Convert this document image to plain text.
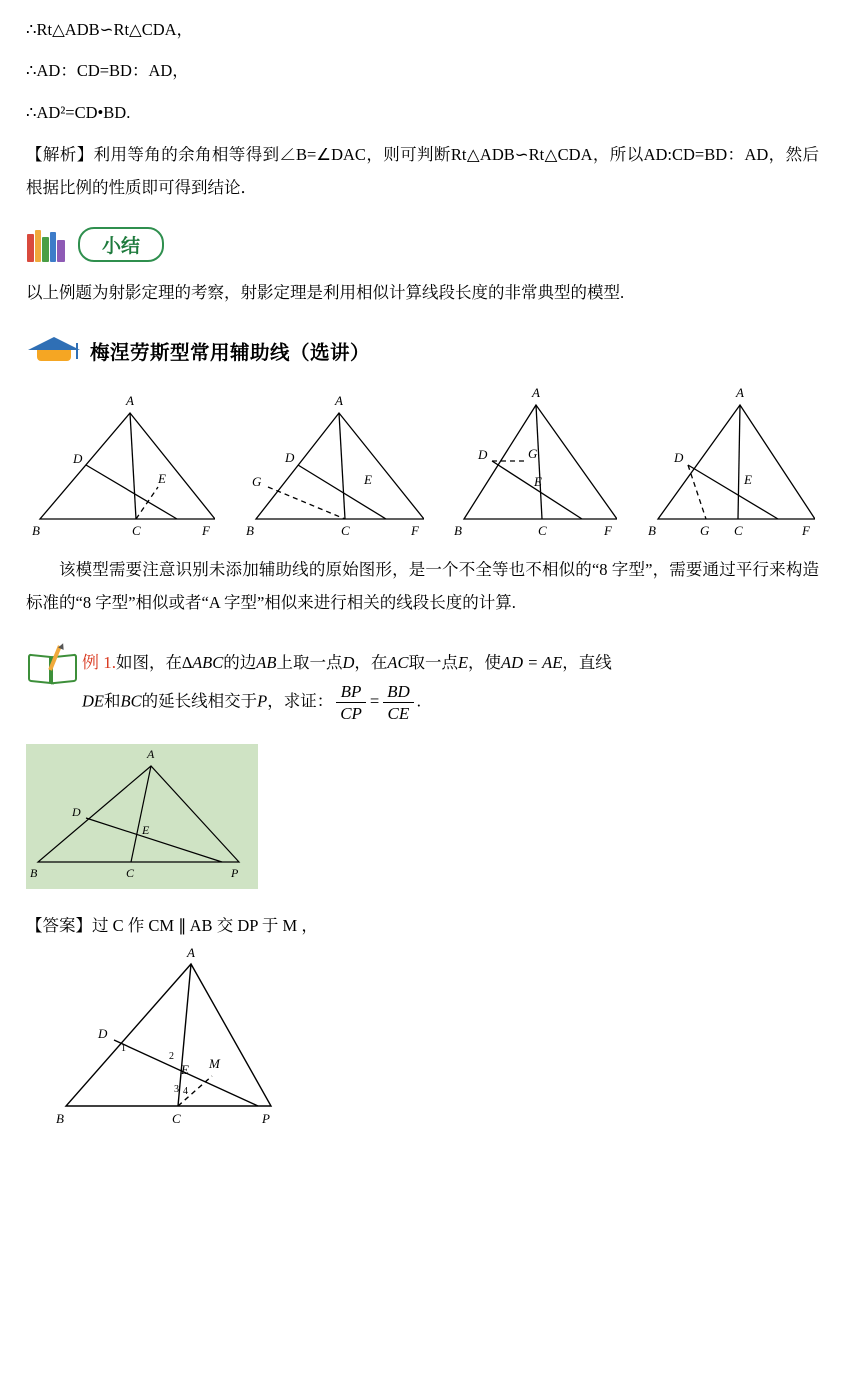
∴Rt△ADB∽Rt△CDA，
∴AD：CD=BD：AD，
∴AD²=CD•BD.
【解析】利用等角的余角相等得到∠B=∠DAC，则可判断Rt△ADB∽Rt△CDA，所以AD:CD=BD：AD，然后根据比例的性质即可得到结论．
小结
以上例题为射影定理的考察，射影定理是利用相似计算线段长度的非常典型的模型.
梅涅劳斯型常用辅助线（选讲）
A
D
E
B	C	F
A
D
G	E
B	C	F
A
D	G
E
B	C	F
A
D
E
B	G C	F
该模型需要注意识别未添加辅助线的原始图形，是一个不全等也不相似的“8 字型”，需要通过平行来构造标准的“8 字型”相似或者“A 字型”相似来进行相关的线段长度的计算.
例 1.如图，在∆ABC的边AB上取一点D，在AC取一点E，使AD = AE，直线
DE和BC的延长线相交于P，求证： $\frac{BP}{CP} = \frac{BD}{CE}$ .
A
D
E
B	C	P
【答案】过 C 作 CM ∥ AB 交 DP 于 M ，
A
D
1
2
E M
3 4
B	C	P
